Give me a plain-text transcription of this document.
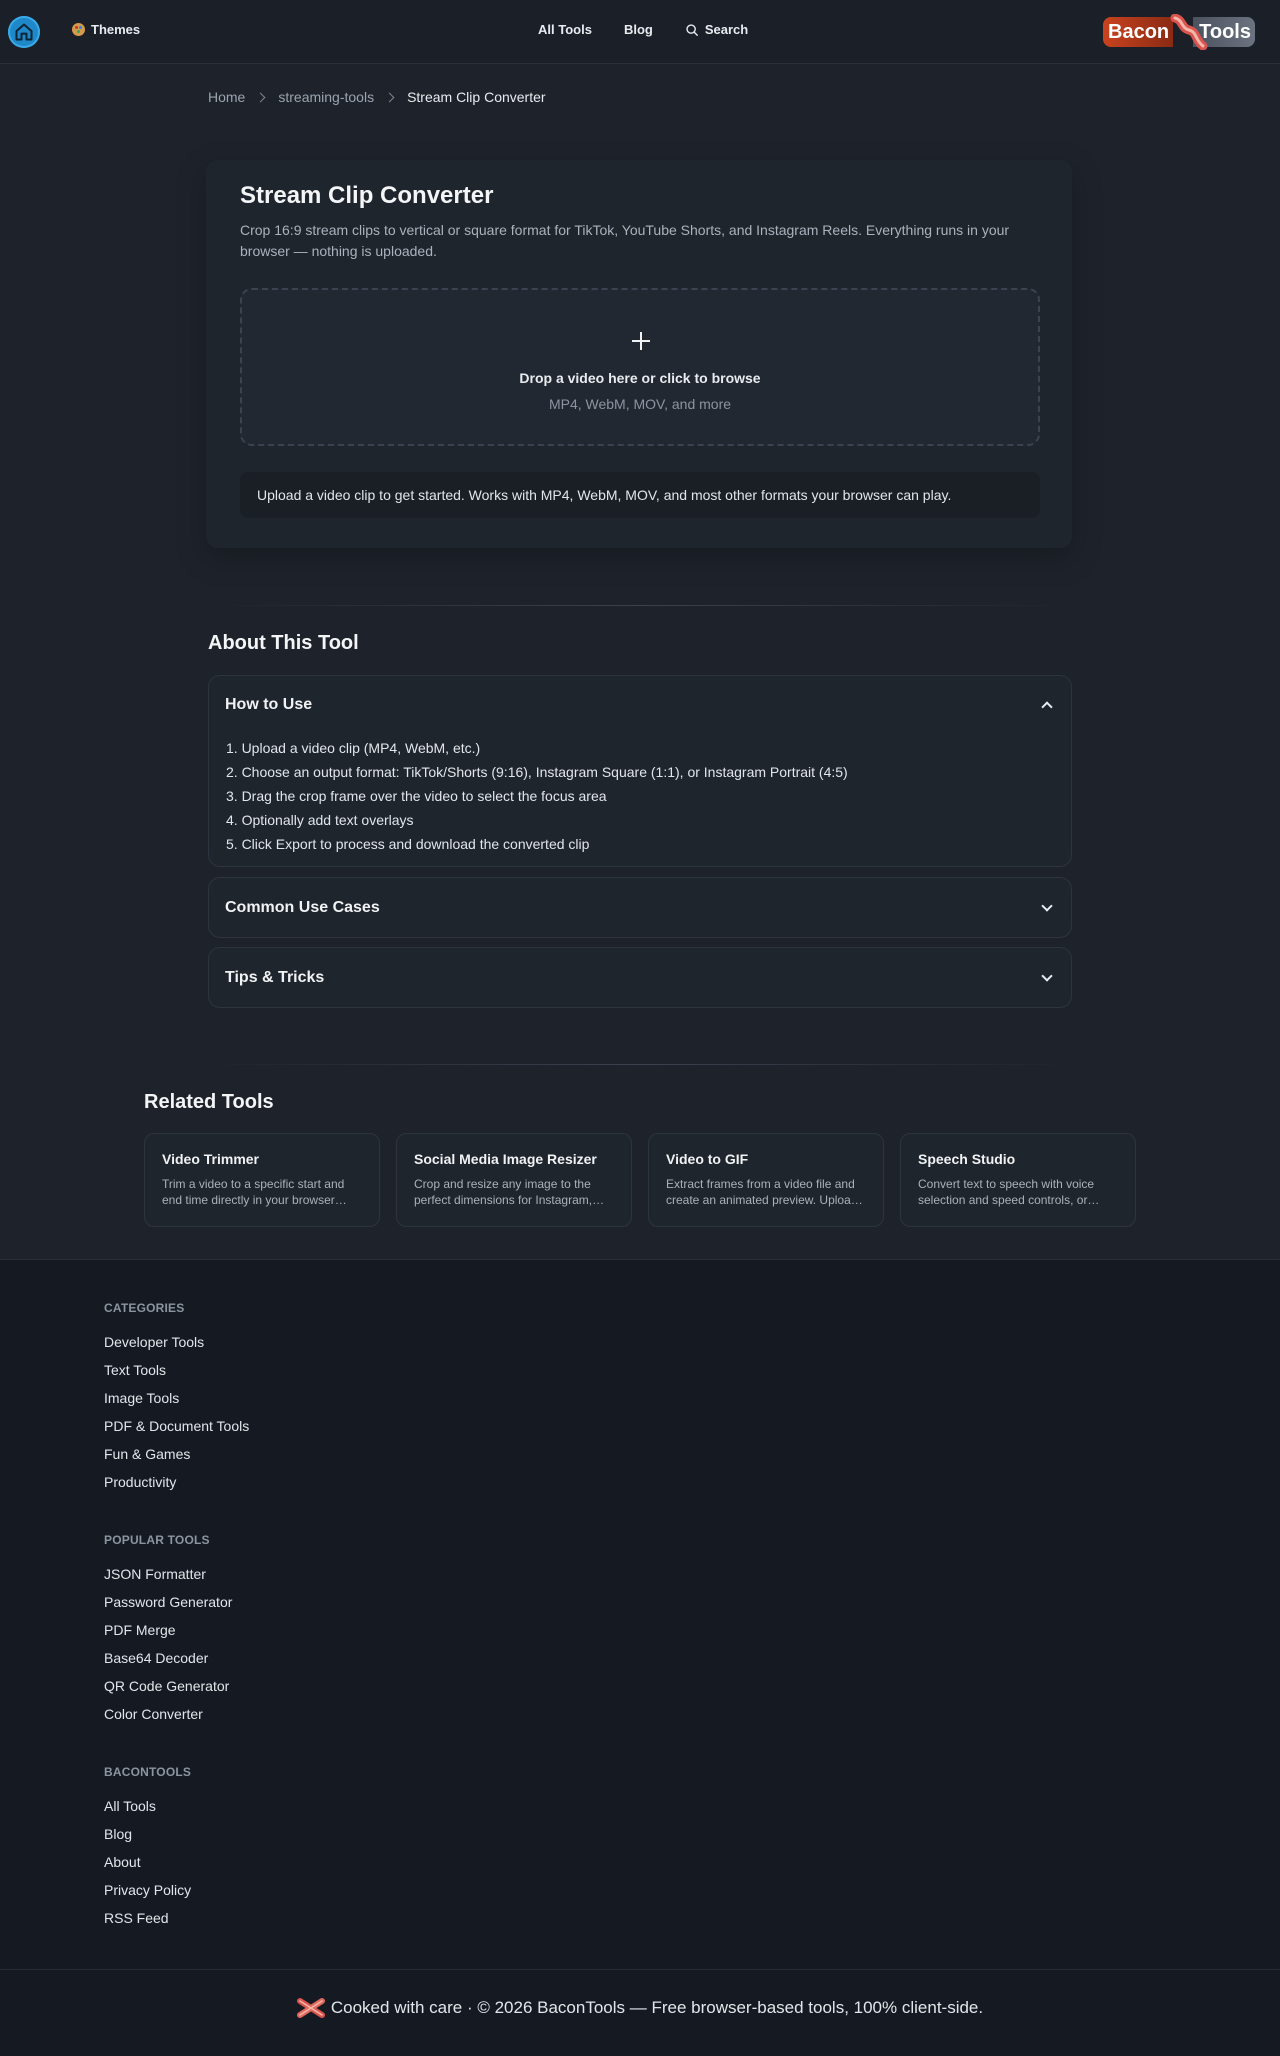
Themes	All Tools Blog	Search	Bacon	Tools
Home streaming-tools Stream Clip Converter
Stream Clip Converter
Crop 16:9 stream clips to vertical or square format for TikTok, YouTube Shorts, and Instagram Reels. Everything runs in your browser — nothing is uploaded.
Drop a video here or click to browse
MP4, WebM, MOV, and more
Upload a video clip to get started. Works with MP4, WebM, MOV, and most other formats your browser can play.
About This Tool
How to Use
1. Upload a video clip (MP4, WebM, etc.)
2. Choose an output format: TikTok/Shorts (9:16), Instagram Square (1:1), or Instagram Portrait (4:5)
3. Drag the crop frame over the video to select the focus area
4. Optionally add text overlays
5. Click Export to process and download the converted clip
Common Use Cases
Tips & Tricks
Related Tools
Video Trimmer
Trim a video to a specific start and end time directly in your browser…
Social Media Image Resizer
Crop and resize any image to the perfect dimensions for Instagram,…
Video to GIF
Extract frames from a video file and create an animated preview. Uploa…
Speech Studio
Convert text to speech with voice selection and speed controls, or…
CATEGORIES
Developer Tools
Text Tools
Image Tools
PDF & Document Tools
Fun & Games
Productivity
POPULAR TOOLS
JSON Formatter
Password Generator
PDF Merge
Base64 Decoder
QR Code Generator
Color Converter
BACONTOOLS
All Tools
Blog
About
Privacy Policy
RSS Feed
Cooked with care · © 2026 BaconTools — Free browser-based tools, 100% client-side.
